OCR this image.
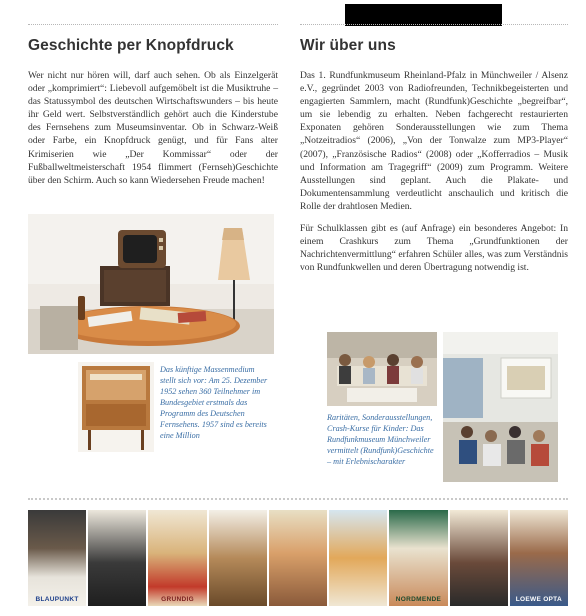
Geschichte per Knopfdruck

Wer nicht nur hören will, darf auch sehen. Ob als Einzelgerät oder „komprimiert“: Liebevoll aufgemöbelt ist die Musiktruhe – das Statussymbol des deutschen Wirtschaftswunders – bis heute ihr Geld wert. Selbstverständlich gehört auch die Kinderstube des Fernsehens zum Museumsinventar. Ob in Schwarz-Weiß oder Farbe, ein Knopfdruck genügt, und für Fans alter Krimiserien wie „Der Kommissar“ oder der Fußballweltmeisterschaft 1954 flimmert (Fernseh)Geschichte über den Schirm. Auch so kann Wiedersehen Freude machen!

Wir über uns

Das 1. Rundfunkmuseum Rheinland-Pfalz in Münchweiler / Alsenz e.V., gegründet 2003 von Radiofreunden, Technikbegeisterten und engagierten Sammlern, macht (Rundfunk)Geschichte „begreifbar“, um sie lebendig zu erhalten. Neben fachgerecht restaurierten Exponaten gehören Sonderausstellungen wie zum Thema „Notzeitradios“ (2006), „Von der Tonwalze zum MP3-Player“ (2007), „Französische Radios“ (2008) oder „Kofferradios – Musik und Information am Tragegriff“ (2009) zum Programm. Weitere Ausstellungen sind geplant. Auch die Plakate- und Dokumentensammlung verdeutlicht anschaulich und kritisch die Rolle der drahtlosen Medien.

Für Schulklassen gibt es (auf Anfrage) ein besonderes Angebot: In einem Crashkurs zum Thema „Grundfunktionen der Nachrichtenvermittlung“ erfahren Schüler alles, was zum Verständnis von Rundfunkwellen und deren Übertragung notwendig ist.

Das künftige Massenmedium stellt sich vor: Am 25. Dezember 1952 sehen 360 Teilnehmer im Bundesgebiet erstmals das Programm des Deutschen Fernsehens. 1957 sind es bereits eine Million
Raritäten, Sonderausstellungen, Crash-Kurse für Kinder: Das Rundfunkmuseum Münchweiler vermittelt (Rundfunk)Geschichte – mit Erlebnischarakter
BLAUPUNKT	GRUNDIG	NORDMENDE	LOEWE OPTA
